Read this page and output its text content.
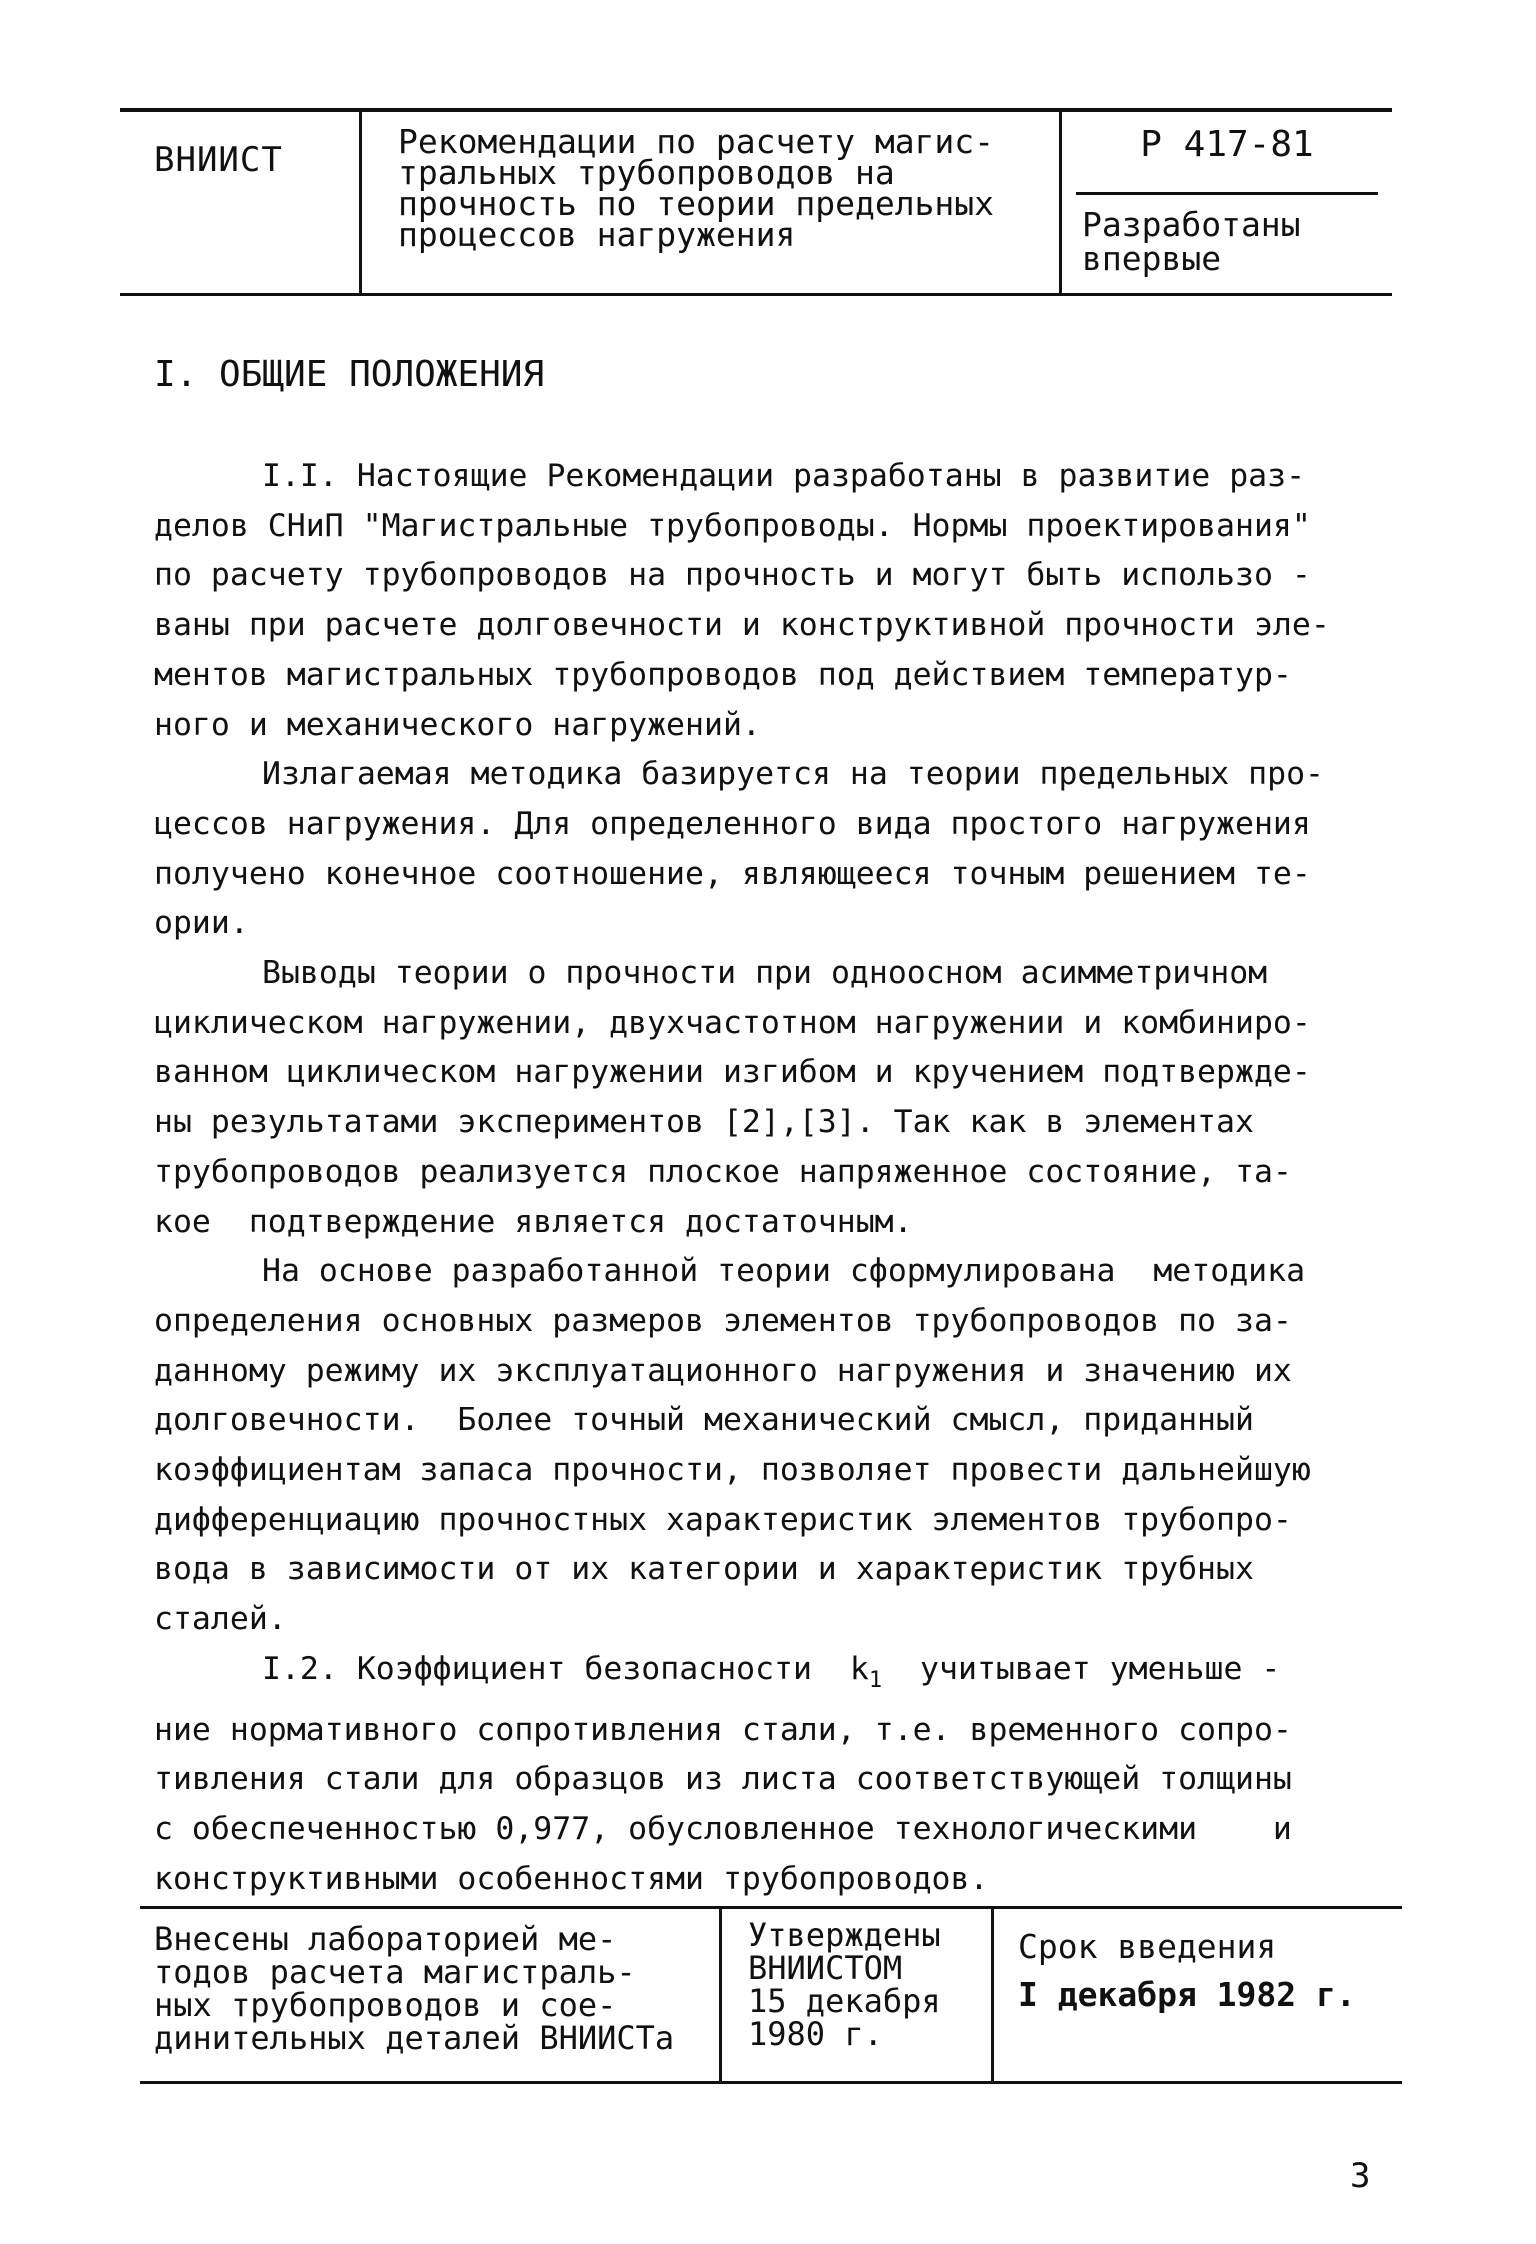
ВНИИСТ	Рекомендации по расчету магис-
тральных трубопроводов на
прочность по теории предельных
процессов нагружения
Р 417-81
Разработаны
впервые
I. ОБЩИЕ ПОЛОЖЕНИЯ

I.I. Настоящие Рекомендации разработаны в развитие раз-
делов СНиП "Магистральные трубопроводы. Нормы проектирования"
по расчету трубопроводов на прочность и могут быть использо -
ваны при расчете долговечности и конструктивной прочности эле-
ментов магистральных трубопроводов под действием температур-
ного и механического нагружений.

Излагаемая методика базируется на теории предельных про-
цессов нагружения. Для определенного вида простого нагружения
получено конечное соотношение, являющееся точным решением те-
ории.

Выводы теории о прочности при одноосном асимметричном
циклическом нагружении, двухчастотном нагружении и комбиниро-
ванном циклическом нагружении изгибом и кручением подтвержде-
ны результатами экспериментов [2],[3]. Так как в элементах
трубопроводов реализуется плоское напряженное состояние, та-
кое  подтверждение является достаточным.

На основе разработанной теории сформулирована  методика
определения основных размеров элементов трубопроводов по за-
данному режиму их эксплуатационного нагружения и значению их
долговечности.  Более точный механический смысл, приданный
коэффициентам запаса прочности, позволяет провести дальнейшую
дифференциацию прочностных характеристик элементов трубопро-
вода в зависимости от их категории и характеристик трубных
сталей.

I.2. Коэффициент безопасности  $k_1$  учитывает уменьше -
ние нормативного сопротивления стали, т.е. временного сопро-
тивления стали для образцов из листа соответствующей толщины
с обеспеченностью 0,977, обусловленное технологическими    и
конструктивными особенностями трубопроводов.

Внесены лабораторией ме-
тодов расчета магистраль-
ных трубопроводов и сое-
динительных деталей ВНИИСТа
Утверждены
ВНИИСТОМ
15 декабря
1980 г.
Срок введения
I декабря 1982 г.
3
